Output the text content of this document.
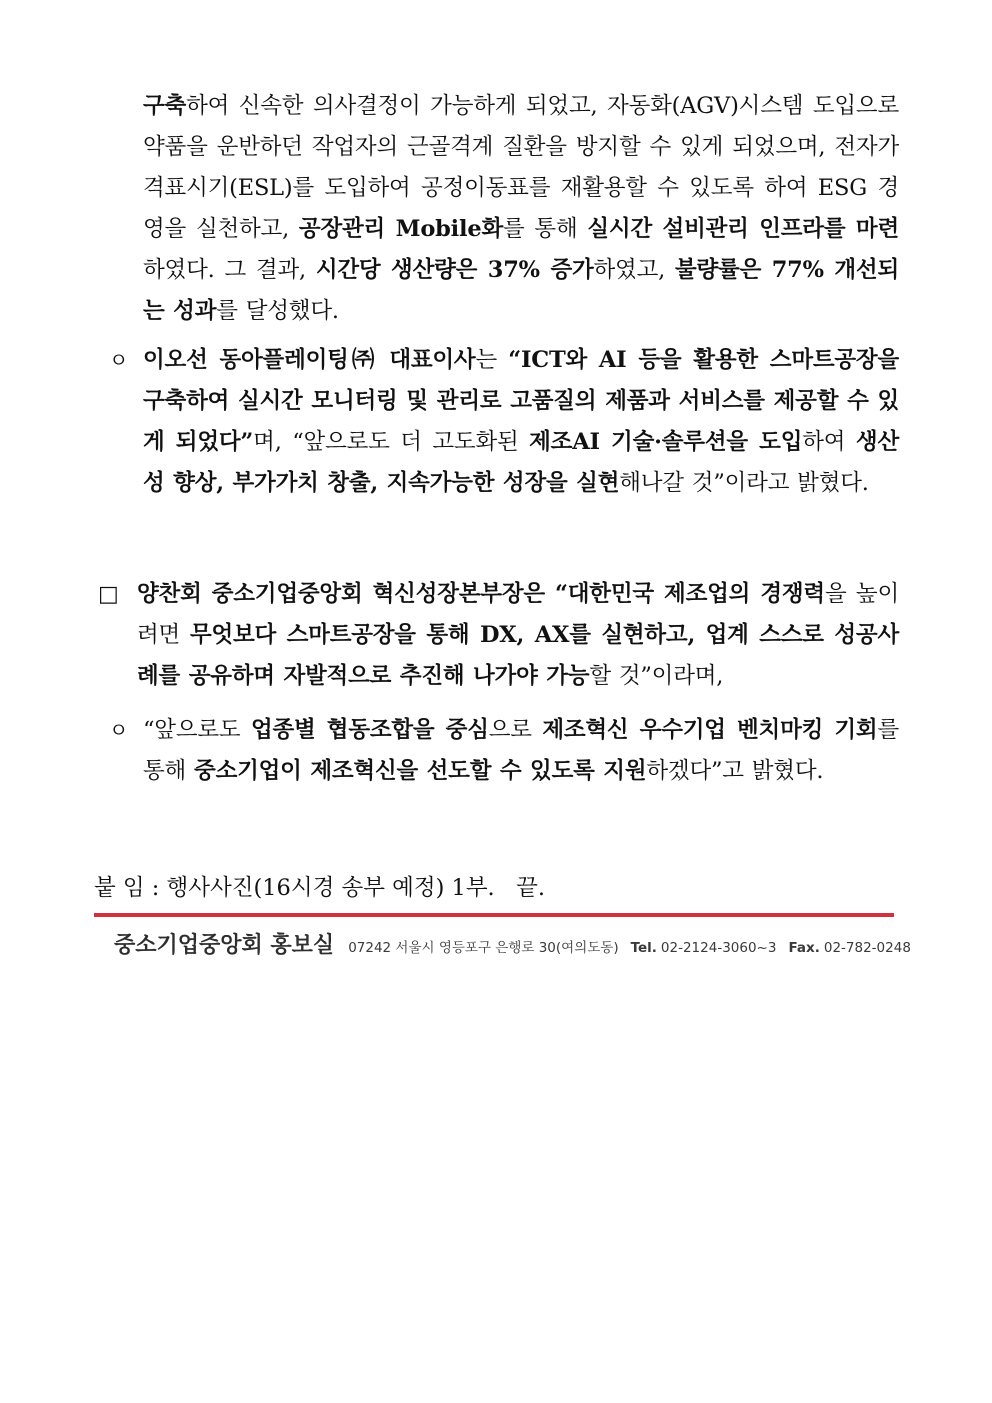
구축하여 신속한 의사결정이 가능하게 되었고, 자동화(AGV)시스템 도입으로 약품을 운반하던 작업자의 근골격계 질환을 방지할 수 있게 되었으며, 전자가격표시기(ESL)를 도입하여 공정이동표를 재활용할 수 있도록 하여 ESG 경영을 실천하고, 공장관리 Mobile화를 통해 실시간 설비관리 인프라를 마련하였다. 그 결과, 시간당 생산량은 37% 증가하였고, 불량률은 77% 개선되는 성과를 달성했다.
ㅇ 이오선 동아플레이팅㈜ 대표이사는 “ICT와 AI 등을 활용한 스마트공장을 구축하여 실시간 모니터링 및 관리로 고품질의 제품과 서비스를 제공할 수 있게 되었다”며, “앞으로도 더 고도화된 제조AI 기술·솔루션을 도입하여 생산성 향상, 부가가치 창출, 지속가능한 성장을 실현해나갈 것”이라고 밝혔다.
□ 양찬회 중소기업중앙회 혁신성장본부장은 “대한민국 제조업의 경쟁력을 높이려면 무엇보다 스마트공장을 통해 DX, AX를 실현하고, 업계 스스로 성공사례를 공유하며 자발적으로 추진해 나가야 가능할 것”이라며,
ㅇ “앞으로도 업종별 협동조합을 중심으로 제조혁신 우수기업 벤치마킹 기회를 통해 중소기업이 제조혁신을 선도할 수 있도록 지원하겠다”고 밝혔다.
붙 임 : 행사사진(16시경 송부 예정) 1부.   끝.
중소기업중앙회 홍보실 07242 서울시 영등포구 은행로 30(여의도동) Tel. 02-2124-3060~3 Fax. 02-782-0248
